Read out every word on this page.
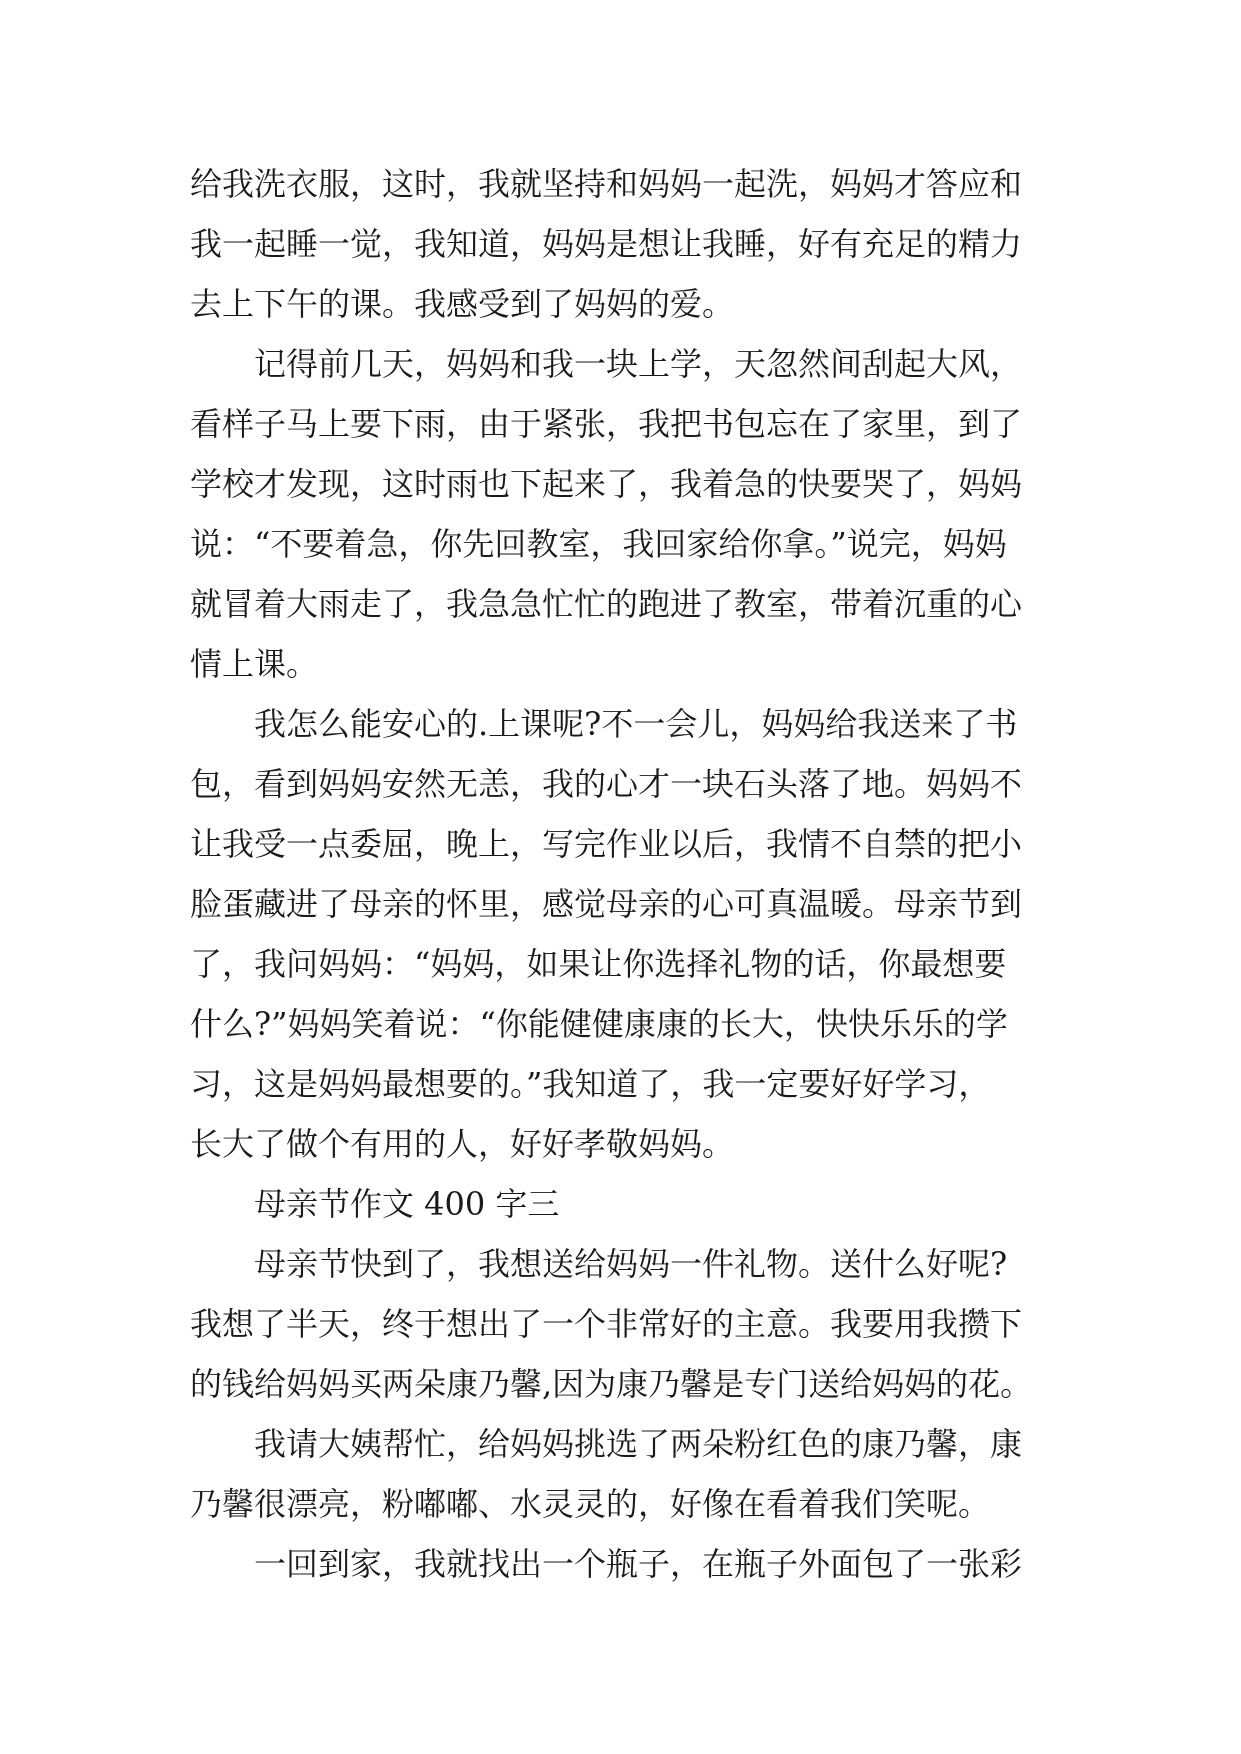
给我洗衣服，这时，我就坚持和妈妈一起洗，妈妈才答应和
我一起睡一觉，我知道，妈妈是想让我睡，好有充足的精力
去上下午的课。我感受到了妈妈的爱。
　　记得前几天，妈妈和我一块上学，天忽然间刮起大风，
看样子马上要下雨，由于紧张，我把书包忘在了家里，到了
学校才发现，这时雨也下起来了，我着急的快要哭了，妈妈
说：“不要着急，你先回教室，我回家给你拿。”说完，妈妈
就冒着大雨走了，我急急忙忙的跑进了教室，带着沉重的心
情上课。
　　我怎么能安心的.上课呢?不一会儿，妈妈给我送来了书
包，看到妈妈安然无恙，我的心才一块石头落了地。妈妈不
让我受一点委屈，晚上，写完作业以后，我情不自禁的把小
脸蛋藏进了母亲的怀里，感觉母亲的心可真温暖。母亲节到
了，我问妈妈：“妈妈，如果让你选择礼物的话，你最想要
什么?”妈妈笑着说：“你能健健康康的长大，快快乐乐的学
习，这是妈妈最想要的。”我知道了，我一定要好好学习，
长大了做个有用的人，好好孝敬妈妈。
　　母亲节作文 400 字三
　　母亲节快到了，我想送给妈妈一件礼物。送什么好呢?
我想了半天，终于想出了一个非常好的主意。我要用我攒下
的钱给妈妈买两朵康乃馨,因为康乃馨是专门送给妈妈的花。
　　我请大姨帮忙，给妈妈挑选了两朵粉红色的康乃馨，康
乃馨很漂亮，粉嘟嘟、水灵灵的，好像在看着我们笑呢。
　　一回到家，我就找出一个瓶子，在瓶子外面包了一张彩
